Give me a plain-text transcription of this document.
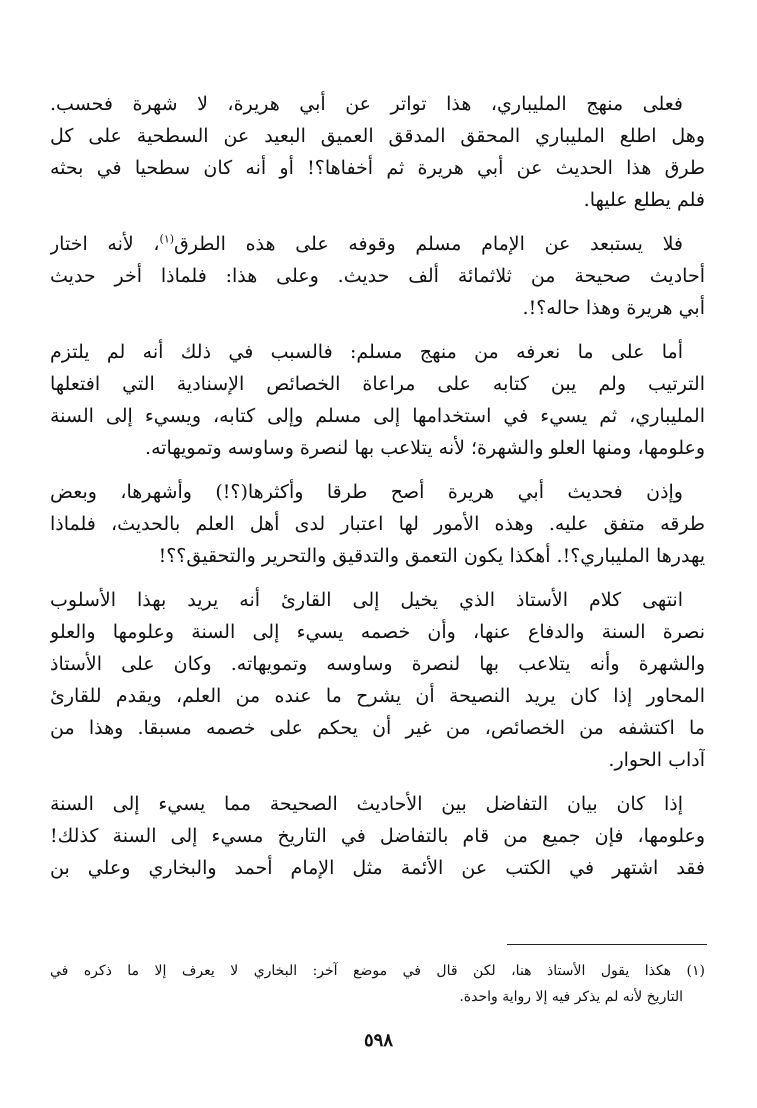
فعلى منهج المليباري، هذا تواتر عن أبي هريرة، لا شهرة فحسب.
وهل اطلع المليباري المحقق المدقق العميق البعيد عن السطحية على كل
طرق هذا الحديث عن أبي هريرة ثم أخفاها؟! أو أنه كان سطحيا في بحثه
فلم يطلع عليها.
فلا يستبعد عن الإمام مسلم وقوفه على هذه الطرق$^{(١)}$، لأنه اختار
أحاديث صحيحة من ثلاثمائة ألف حديث. وعلى هذا: فلماذا أخر حديث
أبي هريرة وهذا حاله؟!.
أما على ما نعرفه من منهج مسلم: فالسبب في ذلك أنه لم يلتزم
الترتيب ولم يبن كتابه على مراعاة الخصائص الإسنادية التي افتعلها
المليباري، ثم يسيء في استخدامها إلى مسلم وإلى كتابه، ويسيء إلى السنة
وعلومها، ومنها العلو والشهرة؛ لأنه يتلاعب بها لنصرة وساوسه وتمويهاته.
وإذن فحديث أبي هريرة أصح طرقا وأكثرها(؟!) وأشهرها، وبعض
طرقه متفق عليه. وهذه الأمور لها اعتبار لدى أهل العلم بالحديث، فلماذا
يهدرها المليباري؟!. أهكذا يكون التعمق والتدقيق والتحرير والتحقيق؟؟!
انتهى كلام الأستاذ الذي يخيل إلى القارئ أنه يريد بهذا الأسلوب
نصرة السنة والدفاع عنها، وأن خصمه يسيء إلى السنة وعلومها والعلو
والشهرة وأنه يتلاعب بها لنصرة وساوسه وتمويهاته. وكان على الأستاذ
المحاور إذا كان يريد النصيحة أن يشرح ما عنده من العلم، ويقدم للقارئ
ما اكتشفه من الخصائص، من غير أن يحكم على خصمه مسبقا. وهذا من
آداب الحوار.
إذا كان بيان التفاضل بين الأحاديث الصحيحة مما يسيء إلى السنة
وعلومها، فإن جميع من قام بالتفاضل في التاريخ مسيء إلى السنة كذلك!
فقد اشتهر في الكتب عن الأئمة مثل الإمام أحمد والبخاري وعلي بن
(١) هكذا يقول الأستاذ هنا، لكن قال في موضع آخر: البخاري لا يعرف إلا ما ذكره في
التاريخ لأنه لم يذكر فيه إلا رواية واحدة.
٥٩٨
